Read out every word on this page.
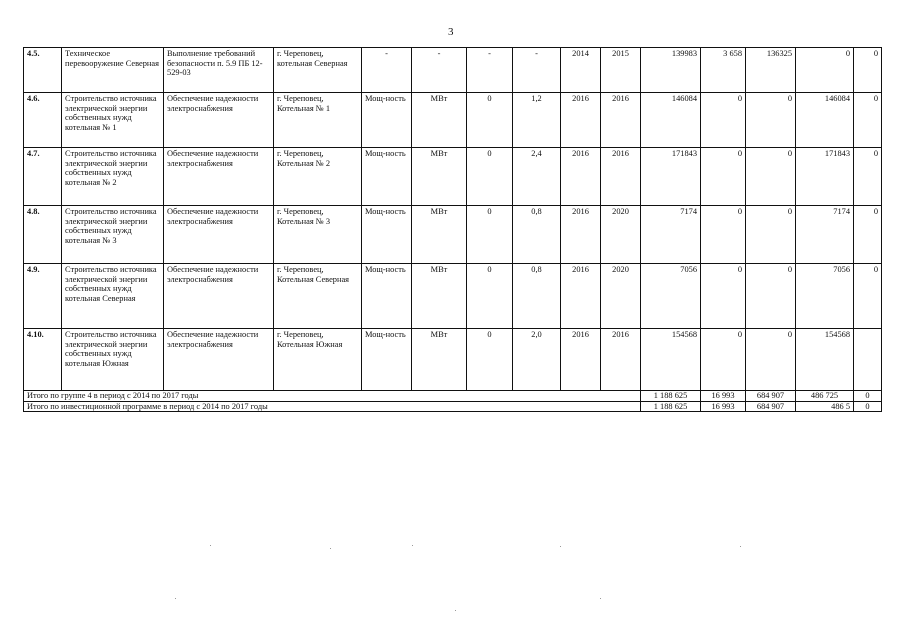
3
4.5.	Техническое перевооружение Северная	Выполнение требований безопасности п. 5.9 ПБ 12-529-03	г. Череповец, котельная Северная	-	-	-	-	2014	2015	139983	3 658	136325	0	0
4.6.	Строительство источника электрической энергии собственных нужд котельная № 1	Обеспечение надежности электроснабжения	г. Череповец, Котельная № 1	Мощ-ность	МВт	0	1,2	2016	2016	146084	0	0	146084	0
4.7.	Строительство источника электрической энергии собственных нужд котельная № 2	Обеспечение надежности электроснабжения	г. Череповец, Котельная № 2	Мощ-ность	МВт	0	2,4	2016	2016	171843	0	0	171843	0
4.8.	Строительство источника электрической энергии собственных нужд котельная № 3	Обеспечение надежности электроснабжения	г. Череповец, Котельная № 3	Мощ-ность	МВт	0	0,8	2016	2020	7174	0	0	7174	0
4.9.	Строительство источника электрической энергии собственных нужд котельная Северная	Обеспечение надежности электроснабжения	г. Череповец, Котельная Северная	Мощ-ность	МВт	0	0,8	2016	2020	7056	0	0	7056	0
4.10.	Строительство источника электрической энергии собственных нужд котельная Южная	Обеспечение надежности электроснабжения	г. Череповец, Котельная Южная	Мощ-ность	МВт	0	2,0	2016	2016	154568	0	0	154568	
Итого по группе 4 в период с 2014 по 2017 годы										1 188 625	16 993	684 907	486 725	0
Итого по инвестиционной программе в период с 2014 по 2017 годы										1 188 625	16 993	684 907	486 5	0
